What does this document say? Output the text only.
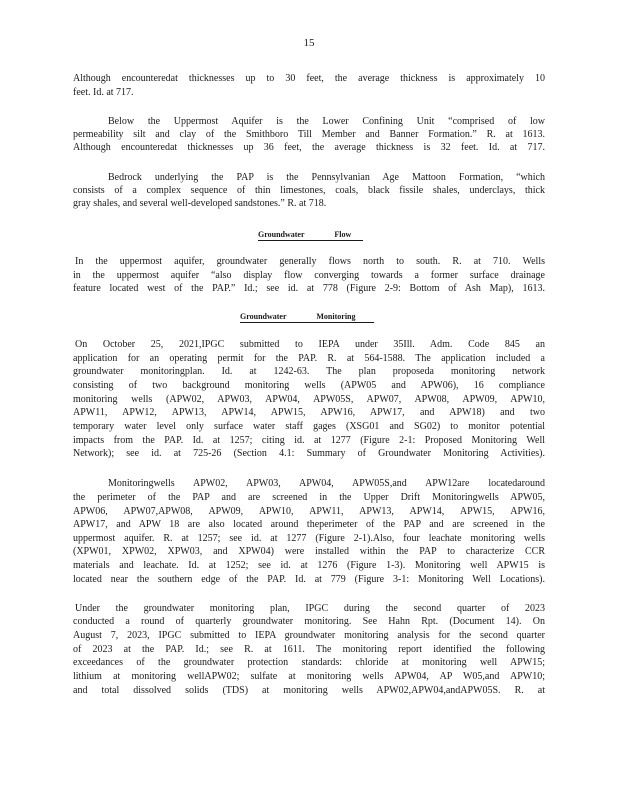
15
Although encounteredat thicknesses up to 30 feet, the average thickness is approximately 10
feet. Id. at 717.
Below the Uppermost Aquifer is the Lower Confining Unit “comprised of low
permeability silt and clay of the Smithboro Till Member and Banner Formation.” R. at 1613.
Although encounteredat thicknesses up 36 feet, the average thickness is 32 feet. Id. at 717.
Bedrock underlying the PAP is the Pennsylvanian Age Mattoon Formation, “which
consists of a complex sequence of thin limestones, coals, black fissile shales, underclays, thick
gray shales, and several well-developed sandstones.” R. at 718.
Groundwater Flow
In the uppermost aquifer, groundwater generally flows north to south. R. at 710. Wells
in the uppermost aquifer “also display flow converging towards a former surface drainage
feature located west of the PAP.” Id.; see id. at 778 (Figure 2-9: Bottom of Ash Map), 1613.
Groundwater Monitoring
On October 25, 2021,IPGC submitted to IEPA under 35Ill. Adm. Code 845 an
application for an operating permit for the PAP. R. at 564-1588. The application included a
groundwater monitoringplan. Id. at 1242-63. The plan proposeda monitoring network
consisting of two background monitoring wells (APW05 and APW06), 16 compliance
monitoring wells (APW02, APW03, APW04, APW05S, APW07, APW08, APW09, APW10,
APW11, APW12, APW13, APW14, APW15, APW16, APW17, and APW18) and two
temporary water level only surface water staff gages (XSG01 and SG02) to monitor potential
impacts from the PAP. Id. at 1257; citing id. at 1277 (Figure 2-1: Proposed Monitoring Well
Network); see id. at 725-26 (Section 4.1: Summary of Groundwater Monitoring Activities).
Monitoringwells APW02, APW03, APW04, APW05S,and APW12are locatedaround
the perimeter of the PAP and are screened in the Upper Drift Monitoringwells APW05,
APW06, APW07,APW08, APW09, APW10, APW11, APW13, APW14, APW15, APW16,
APW17, and APW 18 are also located around theperimeter of the PAP and are screened in the
uppermost aquifer. R. at 1257; see id. at 1277 (Figure 2-1).Also, four leachate monitoring wells
(XPW01, XPW02, XPW03, and XPW04) were installed within the PAP to characterize CCR
materials and leachate. Id. at 1252; see id. at 1276 (Figure 1-3). Monitoring well APW15 is
located near the southern edge of the PAP. Id. at 779 (Figure 3-1: Monitoring Well Locations).
Under the groundwater monitoring plan, IPGC during the second quarter of 2023
conducted a round of quarterly groundwater monitoring. See Hahn Rpt. (Document 14). On
August 7, 2023, IPGC submitted to IEPA groundwater monitoring analysis for the second quarter
of 2023 at the PAP. Id.; see R. at 1611. The monitoring report identified the following
exceedances of the groundwater protection standards: chloride at monitoring well APW15;
lithium at monitoring wellAPW02; sulfate at monitoring wells APW04, AP W05,and APW10;
and total dissolved solids (TDS) at monitoring wells APW02,APW04,andAPW05S. R. at
